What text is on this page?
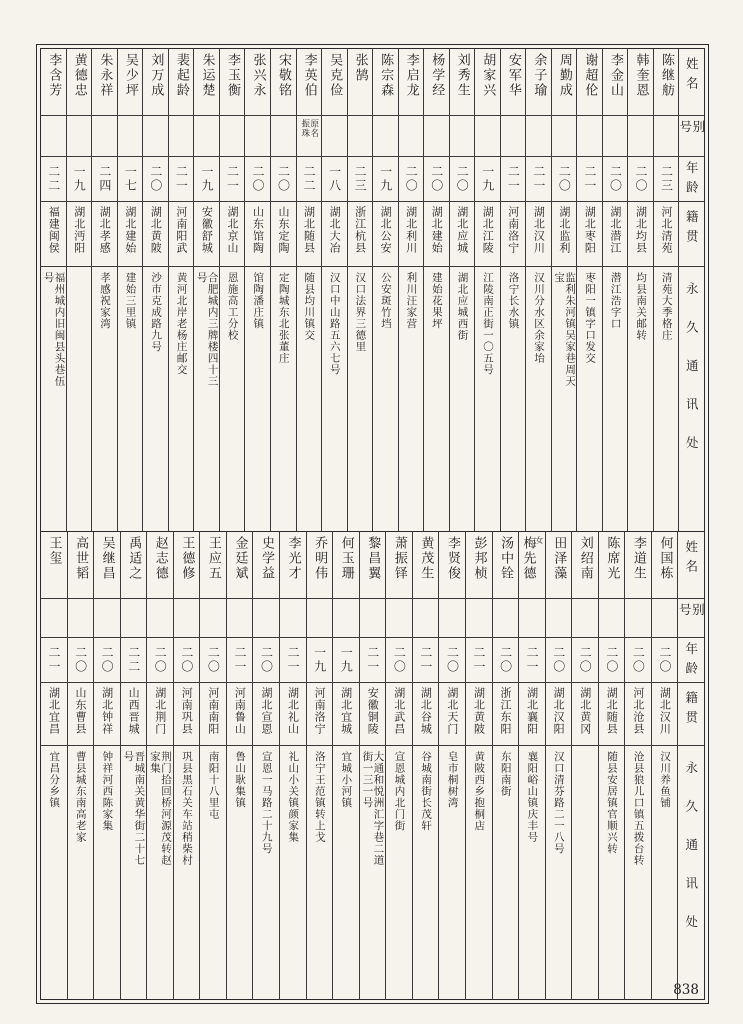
姓名
别号
年龄
籍贯
永久通讯处
陈继舫
二三
河北清苑
清苑大季格庄
韩奎恩
二〇
湖北均县
均县南关邮转
李金山
二〇
湖北潜江
潜江浩字口
谢超伦
二一
湖北枣阳
枣阳一镇字口发交
周勤成
二〇
湖北监利
监利朱河镇吴家巷周天宝
余子瑜
二一
湖北汉川
汉川分水区余家坮
安军华
二一
河南洛宁
洛宁长水镇
胡家兴
一九
湖北江陵
江陵南正街一〇五号
刘秀生
二〇
湖北应城
湖北应城西街
杨学经
二〇
湖北建始
建始花果坪
李启龙
二〇
湖北利川
利川汪家营
陈宗森
一九
湖北公安
公安斑竹垱
张鹄
二三
浙江杭县
汉口法界三德里
吴克俭
一八
湖北大冶
汉口中山路五六七号
李英伯
原名振珠
二二
湖北随县
随县均川镇交
宋敬铭
二〇
山东定陶
定陶城东北张董庄
张兴永
二〇
山东馆陶
馆陶潘庄镇
李玉衡
二一
湖北京山
恩施高工分校
朱运楚
一九
安徽舒城
合肥城内三牌楼四十三号
裴起龄
二一
河南阳武
黄河北岸老杨庄邮交
刘万成
二〇
湖北黄陂
沙市克成路九号
吴少坪
一七
湖北建始
建始三里镇
朱永祥
二四
湖北孝感
孝感祝家湾
黄德忠
一九
湖北沔阳
李含芳
二二
福建闽侯
福州城内旧闽县头巷伍号
姓名
别号
年龄
籍贯
永久通讯处
何国栋
二〇
湖北汉川
汉川养鱼铺
李道生
二〇
河北沧县
沧县狼儿口镇五拨台转
陈席光
二〇
湖北随县
随县安居镇官顺兴转
刘绍南
二〇
湖北黄冈
田泽藻
二〇
湖北汉阳
汉口清芬路二一八号
梅先德 女
二一
湖北襄阳
襄阳峪山镇庆丰号
汤中铨
二〇
浙江东阳
东阳南街
彭邦桢
二一
湖北黄陂
黄陂西乡抱桐店
李贤俊
二〇
湖北天门
皂市桐树湾
黄茂生
二一
湖北谷城
谷城南街长茂轩
萧振铎
二〇
湖北武昌
宣恩城内北门街
黎昌翼
二一
安徽铜陵
大通和悦洲汇字巷二道街一三一号
何玉珊
一九
湖北宜城
宜城小河镇
乔明伟
一九
河南洛宁
洛宁王范镇转上戈
李光才
二一
湖北礼山
礼山小关镇颜家集
史学益
二〇
湖北宣恩
宣恩一马路二十九号
金廷斌
二一
河南鲁山
鲁山耿集镇
王应五
二〇
河南南阳
南阳十八里屯
王德修
二〇
河南巩县
巩县黑石关车站稍柴村
赵志德
二〇
湖北荆门
荆门拾回桥河源茂转赵家集
禹适之
二二
山西晋城
晋城南关黄华街二十七号
吴继昌
二〇
湖北钟祥
钟祥河西陈家集
高世韬
二〇
山东曹县
曹县城东南高老家
王玺
二一
湖北宜昌
宜昌分乡镇
838
